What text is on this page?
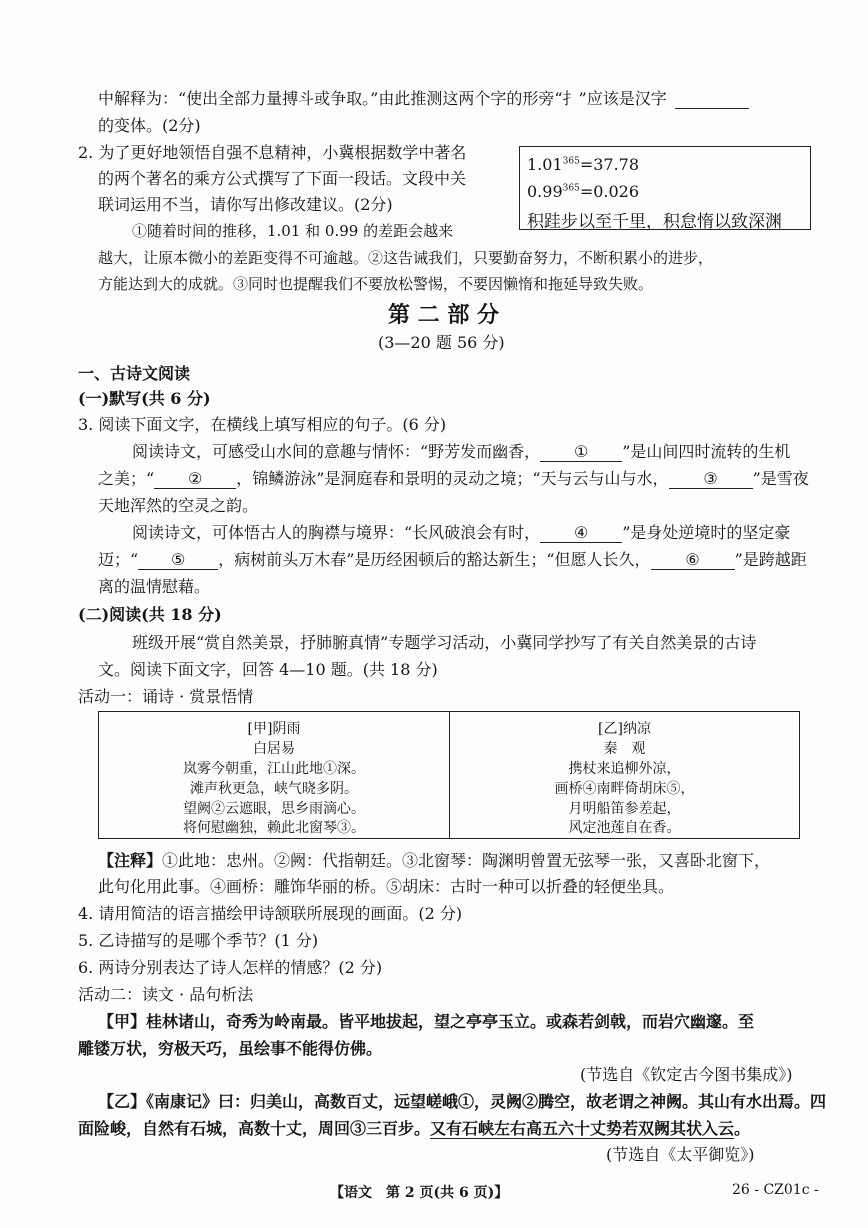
中解释为：“使出全部力量搏斗或争取。”由此推测这两个字的形旁“扌”应该是汉字
的变体。(2分)
2. 为了更好地领悟自强不息精神，小冀根据数学中著名
的两个著名的乘方公式撰写了下面一段话。文段中关
联词运用不当，请你写出修改建议。(2分)
$1.01^{365}=37.78$
$0.99^{365}=0.026$
积跬步以至千里，积怠惰以致深渊
①随着时间的推移，1.01 和 0.99 的差距会越来
越大，让原本微小的差距变得不可逾越。②这告诫我们，只要勤奋努力，不断积累小的进步，
方能达到大的成就。③同时也提醒我们不要放松警惕，不要因懒惰和拖延导致失败。
第 二 部 分
(3—20 题 56 分)
一、古诗文阅读
(一)默写(共 6 分)
3. 阅读下面文字，在横线上填写相应的句子。(6 分)
阅读诗文，可感受山水间的意趣与情怀：“野芳发而幽香， ① ”是山间四时流转的生机
之美；“ ② ，锦鳞游泳”是洞庭春和景明的灵动之境；“天与云与山与水， ③ ”是雪夜
天地浑然的空灵之韵。
阅读诗文，可体悟古人的胸襟与境界：“长风破浪会有时， ④ ”是身处逆境时的坚定豪
迈；“ ⑤ ，病树前头万木春”是历经困顿后的豁达新生；“但愿人长久， ⑥ ”是跨越距
离的温情慰藉。
(二)阅读(共 18 分)
班级开展“赏自然美景，抒肺腑真情”专题学习活动，小冀同学抄写了有关自然美景的古诗
文。阅读下面文字，回答 4—10 题。(共 18 分)
活动一：诵诗 · 赏景悟情
[甲]阴雨
白居易
岚雾今朝重，江山此地①深。
滩声秋更急，峡气晓多阴。
望阙②云遮眼，思乡雨滴心。
将何慰幽独，赖此北窗琴③。
[乙]纳凉
秦　观
携杖来追柳外凉，
画桥④南畔倚胡床⑤，
月明船笛参差起，
风定池莲自在香。
【注释】①此地：忠州。②阙：代指朝廷。③北窗琴：陶渊明曾置无弦琴一张，又喜卧北窗下，
此句化用此事。④画桥：雕饰华丽的桥。⑤胡床：古时一种可以折叠的轻便坐具。
4. 请用简洁的语言描绘甲诗颔联所展现的画面。(2 分)
5. 乙诗描写的是哪个季节？(1 分)
6. 两诗分别表达了诗人怎样的情感？(2 分)
活动二：读文 · 品句析法
【甲】桂林诸山，奇秀为岭南最。皆平地拔起，望之亭亭玉立。或森若剑戟，而岩穴幽邃。至
雕镂万状，穷极天巧，虽绘事不能得仿佛。
(节选自《钦定古今图书集成》)
【乙】《南康记》曰：归美山，高数百丈，远望嵯峨①，灵阙②腾空，故老谓之神阙。其山有水出焉。四
面险峻，自然有石城，高数十丈，周回③三百步。又有石峡左右高五六十丈势若双阙其状入云。
(节选自《太平御览》)
【语文　第 2 页(共 6 页)】	26 - CZ01c -
